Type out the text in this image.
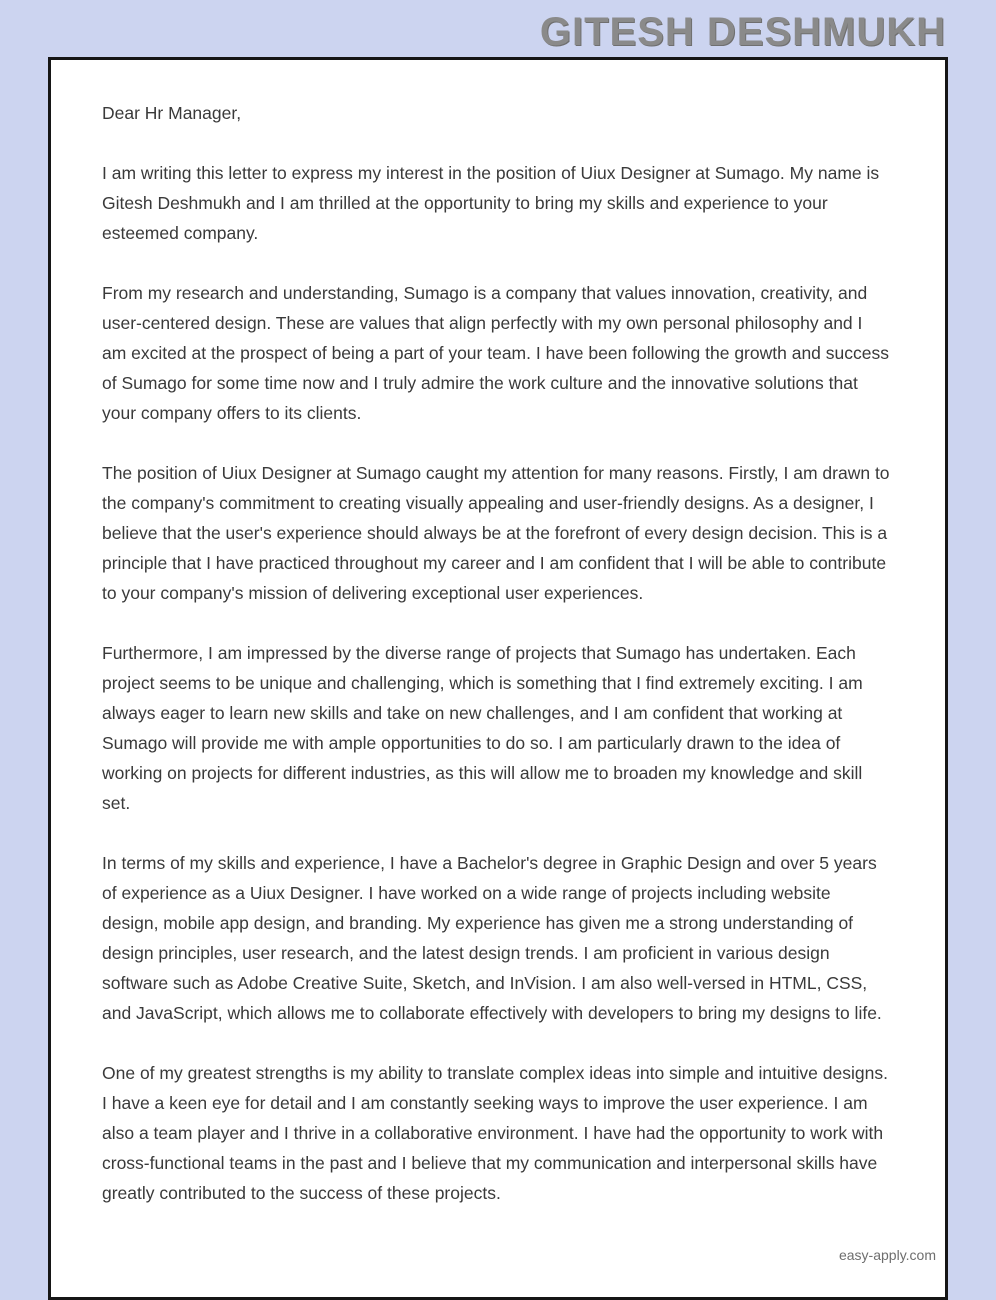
GITESH DESHMUKH

Dear Hr Manager,

I am writing this letter to express my interest in the position of Uiux Designer at Sumago. My name is Gitesh Deshmukh and I am thrilled at the opportunity to bring my skills and experience to your esteemed company.

From my research and understanding, Sumago is a company that values innovation, creativity, and user-centered design. These are values that align perfectly with my own personal philosophy and I am excited at the prospect of being a part of your team. I have been following the growth and success of Sumago for some time now and I truly admire the work culture and the innovative solutions that your company offers to its clients.

The position of Uiux Designer at Sumago caught my attention for many reasons. Firstly, I am drawn to the company's commitment to creating visually appealing and user-friendly designs. As a designer, I believe that the user's experience should always be at the forefront of every design decision. This is a principle that I have practiced throughout my career and I am confident that I will be able to contribute to your company's mission of delivering exceptional user experiences.

Furthermore, I am impressed by the diverse range of projects that Sumago has undertaken. Each project seems to be unique and challenging, which is something that I find extremely exciting. I am always eager to learn new skills and take on new challenges, and I am confident that working at Sumago will provide me with ample opportunities to do so. I am particularly drawn to the idea of working on projects for different industries, as this will allow me to broaden my knowledge and skill set.

In terms of my skills and experience, I have a Bachelor's degree in Graphic Design and over 5 years of experience as a Uiux Designer. I have worked on a wide range of projects including website design, mobile app design, and branding. My experience has given me a strong understanding of design principles, user research, and the latest design trends. I am proficient in various design software such as Adobe Creative Suite, Sketch, and InVision. I am also well-versed in HTML, CSS, and JavaScript, which allows me to collaborate effectively with developers to bring my designs to life.

One of my greatest strengths is my ability to translate complex ideas into simple and intuitive designs. I have a keen eye for detail and I am constantly seeking ways to improve the user experience. I am also a team player and I thrive in a collaborative environment. I have had the opportunity to work with cross-functional teams in the past and I believe that my communication and interpersonal skills have greatly contributed to the success of these projects.

easy-apply.com
